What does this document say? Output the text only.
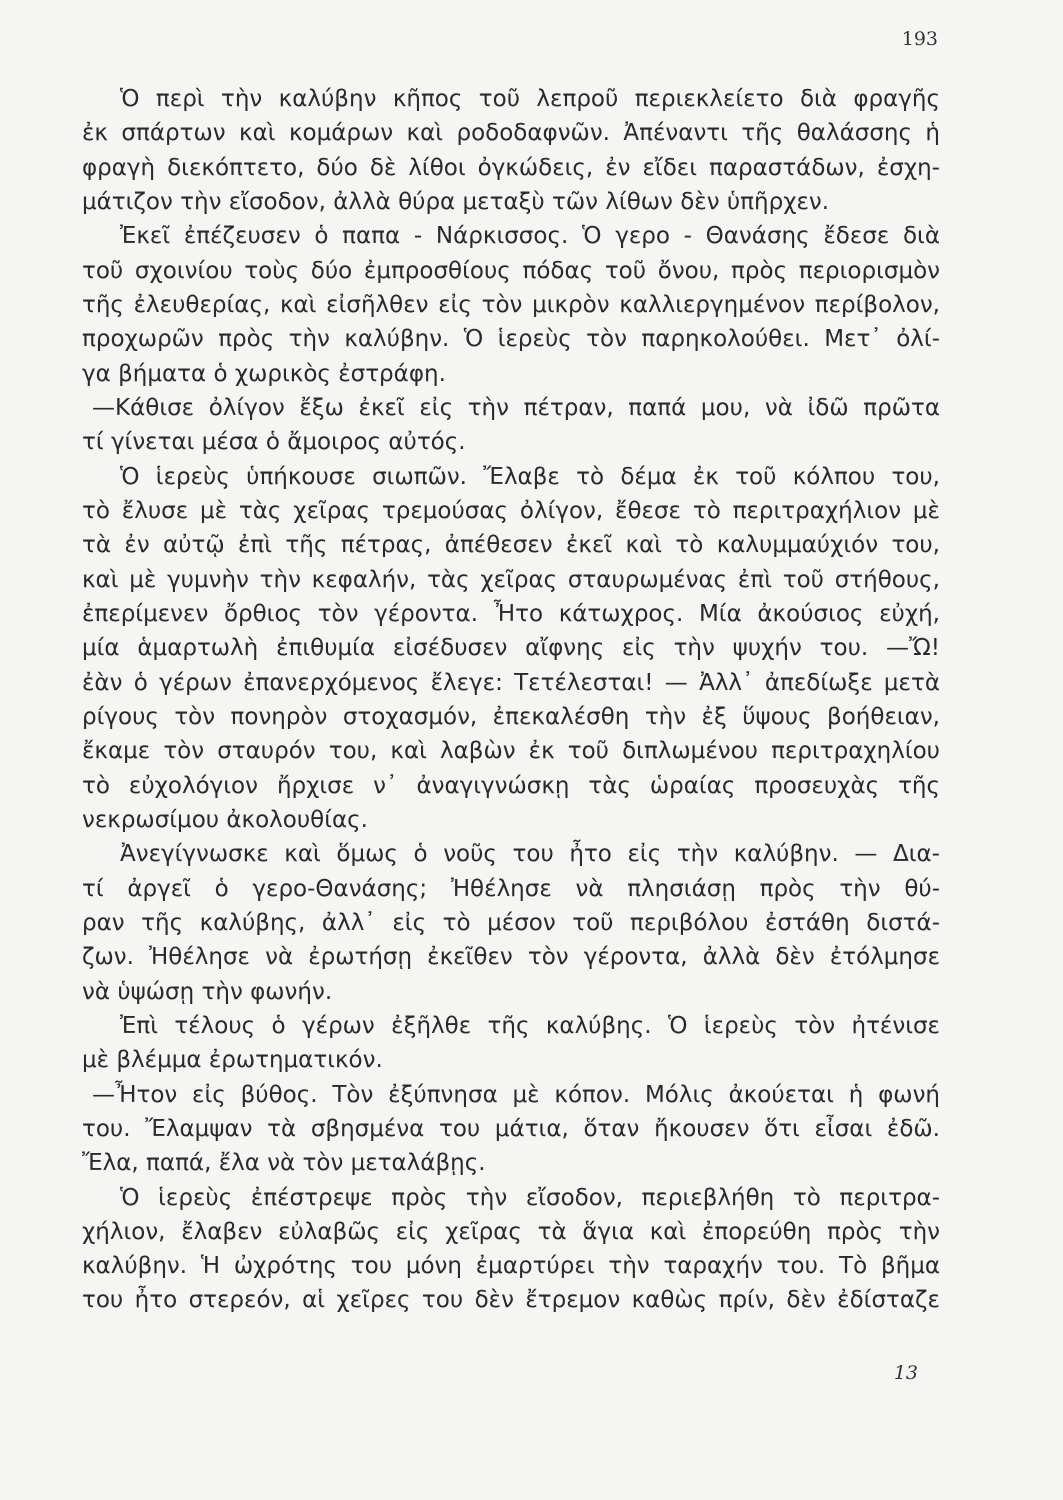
193
Ὁ περὶ τὴν καλύβην κῆπος τοῦ λεπροῦ περιεκλείετο διὰ φραγῆς
ἐκ σπάρτων καὶ κομάρων καὶ ροδοδαφνῶν. Ἀπέναντι τῆς θαλάσσης ἡ
φραγὴ διεκόπτετο, δύο δὲ λίθοι ὀγκώδεις, ἐν εἴδει παραστάδων, ἐσχη-
μάτιζον τὴν εἴσοδον, ἀλλὰ θύρα μεταξὺ τῶν λίθων δὲν ὑπῆρχεν.
Ἐκεῖ ἐπέζευσεν ὁ παπα - Νάρκισσος. Ὁ γερο - Θανάσης ἔδεσε διὰ
τοῦ σχοινίου τοὺς δύο ἐμπροσθίους πόδας τοῦ ὄνου, πρὸς περιορισμὸν
τῆς ἐλευθερίας, καὶ εἰσῆλθεν εἰς τὸν μικρὸν καλλιεργημένον περίβολον,
προχωρῶν πρὸς τὴν καλύβην. Ὁ ἱερεὺς τὸν παρηκολούθει. Μετ᾽ ὀλί-
γα βήματα ὁ χωρικὸς ἐστράφη.
—Κάθισε ὀλίγον ἔξω ἐκεῖ εἰς τὴν πέτραν, παπά μου, νὰ ἰδῶ πρῶτα
τί γίνεται μέσα ὁ ἄμοιρος αὐτός.
Ὁ ἱερεὺς ὑπήκουσε σιωπῶν. Ἔλαβε τὸ δέμα ἐκ τοῦ κόλπου του,
τὸ ἔλυσε μὲ τὰς χεῖρας τρεμούσας ὀλίγον, ἔθεσε τὸ περιτραχήλιον μὲ
τὰ ἐν αὐτῷ ἐπὶ τῆς πέτρας, ἀπέθεσεν ἐκεῖ καὶ τὸ καλυμμαύχιόν του,
καὶ μὲ γυμνὴν τὴν κεφαλήν, τὰς χεῖρας σταυρωμένας ἐπὶ τοῦ στήθους,
ἐπερίμενεν ὄρθιος τὸν γέροντα. Ἦτο κάτωχρος. Μία ἀκούσιος εὐχή,
μία ἁμαρτωλὴ ἐπιθυμία εἰσέδυσεν αἴφνης εἰς τὴν ψυχήν του. —Ὤ!
ἐὰν ὁ γέρων ἐπανερχόμενος ἔλεγε: Τετέλεσται! — Ἀλλ᾽ ἀπεδίωξε μετὰ
ρίγους τὸν πονηρὸν στοχασμόν, ἐπεκαλέσθη τὴν ἐξ ὕψους βοήθειαν,
ἔκαμε τὸν σταυρόν του, καὶ λαβὼν ἐκ τοῦ διπλωμένου περιτραχηλίου
τὸ εὐχολόγιον ἤρχισε ν᾽ ἀναγιγνώσκῃ τὰς ὡραίας προσευχὰς τῆς
νεκρωσίμου ἀκολουθίας.
Ἀνεγίγνωσκε καὶ ὅμως ὁ νοῦς του ἦτο εἰς τὴν καλύβην. — Δια-
τί ἀργεῖ ὁ γερο-Θανάσης; Ἠθέλησε νὰ πλησιάσῃ πρὸς τὴν θύ-
ραν τῆς καλύβης, ἀλλ᾽ εἰς τὸ μέσον τοῦ περιβόλου ἐστάθη διστά-
ζων. Ἠθέλησε νὰ ἐρωτήσῃ ἐκεῖθεν τὸν γέροντα, ἀλλὰ δὲν ἐτόλμησε
νὰ ὑψώσῃ τὴν φωνήν.
Ἐπὶ τέλους ὁ γέρων ἐξῆλθε τῆς καλύβης. Ὁ ἱερεὺς τὸν ἠτένισε
μὲ βλέμμα ἐρωτηματικόν.
—Ἦτον εἰς βύθος. Τὸν ἐξύπνησα μὲ κόπον. Μόλις ἀκούεται ἡ φωνή
του. Ἔλαμψαν τὰ σβησμένα του μάτια, ὅταν ἤκουσεν ὅτι εἶσαι ἐδῶ.
Ἔλα, παπά, ἔλα νὰ τὸν μεταλάβῃς.
Ὁ ἱερεὺς ἐπέστρεψε πρὸς τὴν εἴσοδον, περιεβλήθη τὸ περιτρα-
χήλιον, ἔλαβεν εὐλαβῶς εἰς χεῖρας τὰ ἅγια καὶ ἐπορεύθη πρὸς τὴν
καλύβην. Ἡ ὠχρότης του μόνη ἐμαρτύρει τὴν ταραχήν του. Τὸ βῆμα
του ἦτο στερεόν, αἱ χεῖρες του δὲν ἔτρεμον καθὼς πρίν, δὲν ἐδίσταζε
13
